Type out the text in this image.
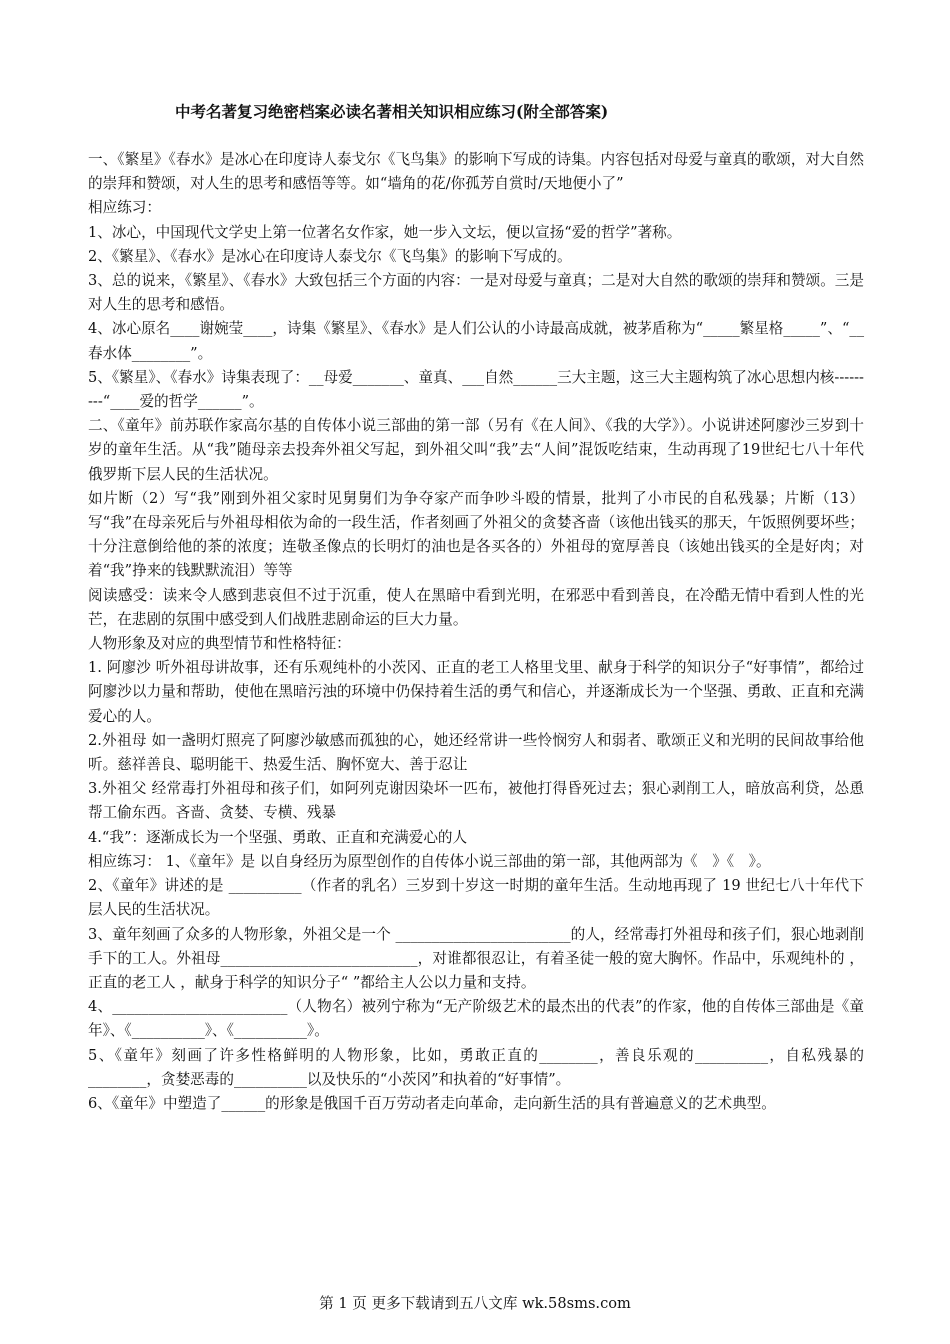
中考名著复习绝密档案必读名著相关知识相应练习(附全部答案)

一、《繁星》《春水》是冰心在印度诗人泰戈尔《飞鸟集》的影响下写成的诗集。内容包括对母爱与童真的歌颂，对大自然的崇拜和赞颂，对人生的思考和感悟等等。如“墙角的花/你孤芳自赏时/天地便小了”

相应练习：

1、冰心，中国现代文学史上第一位著名女作家，她一步入文坛，便以宣扬“爱的哲学”著称。

2、《繁星》、《春水》是冰心在印度诗人泰戈尔《飞鸟集》的影响下写成的。

3、总的说来，《繁星》、《春水》大致包括三个方面的内容：一是对母爱与童真；二是对大自然的歌颂的崇拜和赞颂。三是对人生的思考和感悟。

4、冰心原名____谢婉莹____，诗集《繁星》、《春水》是人们公认的小诗最高成就，被茅盾称为“_____繁星格_____”、“__春水体________”。

5、《繁星》、《春水》诗集表现了：__母爱_______、童真、___自然______三大主题，这三大主题构筑了冰心思想内核---------“____爱的哲学______”。

二、《童年》前苏联作家高尔基的自传体小说三部曲的第一部（另有《在人间》、《我的大学》）。小说讲述阿廖沙三岁到十岁的童年生活。从“我”随母亲去投奔外祖父写起，到外祖父叫“我”去“人间”混饭吃结束，生动再现了19世纪七八十年代俄罗斯下层人民的生活状况。

如片断（2）写“我”刚到外祖父家时见舅舅们为争夺家产而争吵斗殴的情景，批判了小市民的自私残暴；片断（13）写“我”在母亲死后与外祖母相依为命的一段生活，作者刻画了外祖父的贪婪吝啬（该他出钱买的那天，午饭照例要坏些；十分注意倒给他的茶的浓度；连敬圣像点的长明灯的油也是各买各的）外祖母的宽厚善良（该她出钱买的全是好肉；对着“我”挣来的钱默默流泪）等等

阅读感受：读来令人感到悲哀但不过于沉重，使人在黑暗中看到光明，在邪恶中看到善良，在冷酷无情中看到人性的光芒，在悲剧的氛围中感受到人们战胜悲剧命运的巨大力量。

人物形象及对应的典型情节和性格特征：

1. 阿廖沙 听外祖母讲故事，还有乐观纯朴的小茨冈、正直的老工人格里戈里、献身于科学的知识分子“好事情”，都给过阿廖沙以力量和帮助，使他在黑暗污浊的环境中仍保持着生活的勇气和信心，并逐渐成长为一个坚强、勇敢、正直和充满爱心的人。

2.外祖母 如一盏明灯照亮了阿廖沙敏感而孤独的心，她还经常讲一些怜悯穷人和弱者、歌颂正义和光明的民间故事给他听。慈祥善良、聪明能干、热爱生活、胸怀宽大、善于忍让

3.外祖父 经常毒打外祖母和孩子们，如阿列克谢因染坏一匹布，被他打得昏死过去；狠心剥削工人，暗放高利贷，怂恿帮工偷东西。吝啬、贪婪、专横、残暴

4.“我”：逐渐成长为一个坚强、勇敢、正直和充满爱心的人

相应练习： 1、《童年》是 以自身经历为原型创作的自传体小说三部曲的第一部，其他两部为《　》《　》。

2、《童年》讲述的是 __________（作者的乳名）三岁到十岁这一时期的童年生活。生动地再现了 19 世纪七八十年代下层人民的生活状况。

3、童年刻画了众多的人物形象，外祖父是一个 ________________________的人，经常毒打外祖母和孩子们，狠心地剥削手下的工人。外祖母___________________________，对谁都很忍让，有着圣徒一般的宽大胸怀。作品中，乐观纯朴的 ，正直的老工人 ，献身于科学的知识分子“ ”都给主人公以力量和支持。

4、________________________（人物名）被列宁称为“无产阶级艺术的最杰出的代表”的作家，他的自传体三部曲是《童年》、《__________》、《__________》。

5、《童年》刻画了许多性格鲜明的人物形象，比如，勇敢正直的________，善良乐观的__________，自私残暴的________，贪婪恶毒的__________以及快乐的“小茨冈”和执着的“好事情”。

6、《童年》中塑造了______的形象是俄国千百万劳动者走向革命，走向新生活的具有普遍意义的艺术典型。

第 1 页 更多下载请到五八文库 wk.58sms.com
